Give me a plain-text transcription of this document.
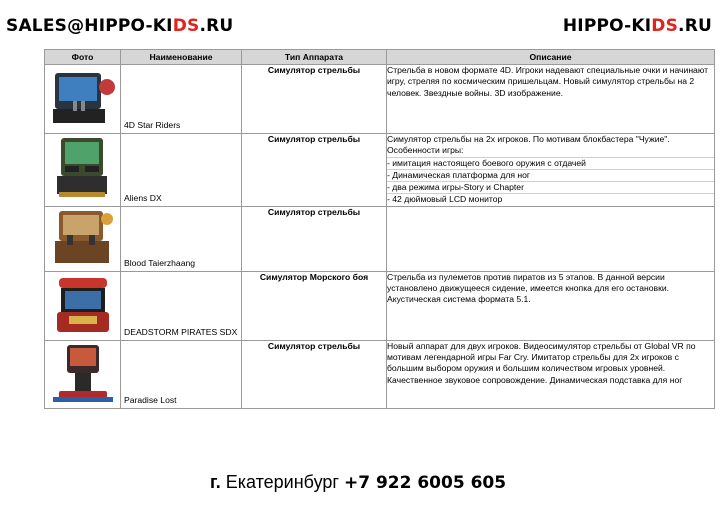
SALES@HIPPO-KIDS.RU	HIPPO-KIDS.RU
Фото	Наименование	Тип Аппарата	Описание

4D Star Riders	Симулятор стрельбы	Стрельба в новом формате 4D. Игроки надевают специальные очки и начинают игру, стреляя по космическим пришельцам. Новый симулятор стрельбы на 2 человек. Звездные войны. 3D изображение.

Aliens DX	Симулятор стрельбы	Симулятор стрельбы на 2х игроков. По мотивам блокбастера "Чужие". Особенности игры:
- имитация настоящего боевого оружия с отдачей
- Динамическая платформа для ног
- два режима игры-Story и Chapter
- 42 дюймовый LCD монитор

Blood Taierzhaang	Симулятор стрельбы	

DEADSTORM PIRATES SDX	Симулятор Морского боя	Стрельба из пулеметов против пиратов из 5 этапов. В данной версии установлено движущееся сидение, имеется кнопка для его остановки. Акустическая система формата 5.1.

Paradise Lost	Симулятор стрельбы	Новый аппарат для двух игроков. Видеосимулятор стрельбы от Global VR по мотивам легендарной игры Far Cry. Имитатор стрельбы для 2х игроков с большим выбором оружия и большим количеством игровых уровней. Качественное звуковое сопровождение. Динамическая подставка для ног
г. Екатеринбург +7 922 6005 605
